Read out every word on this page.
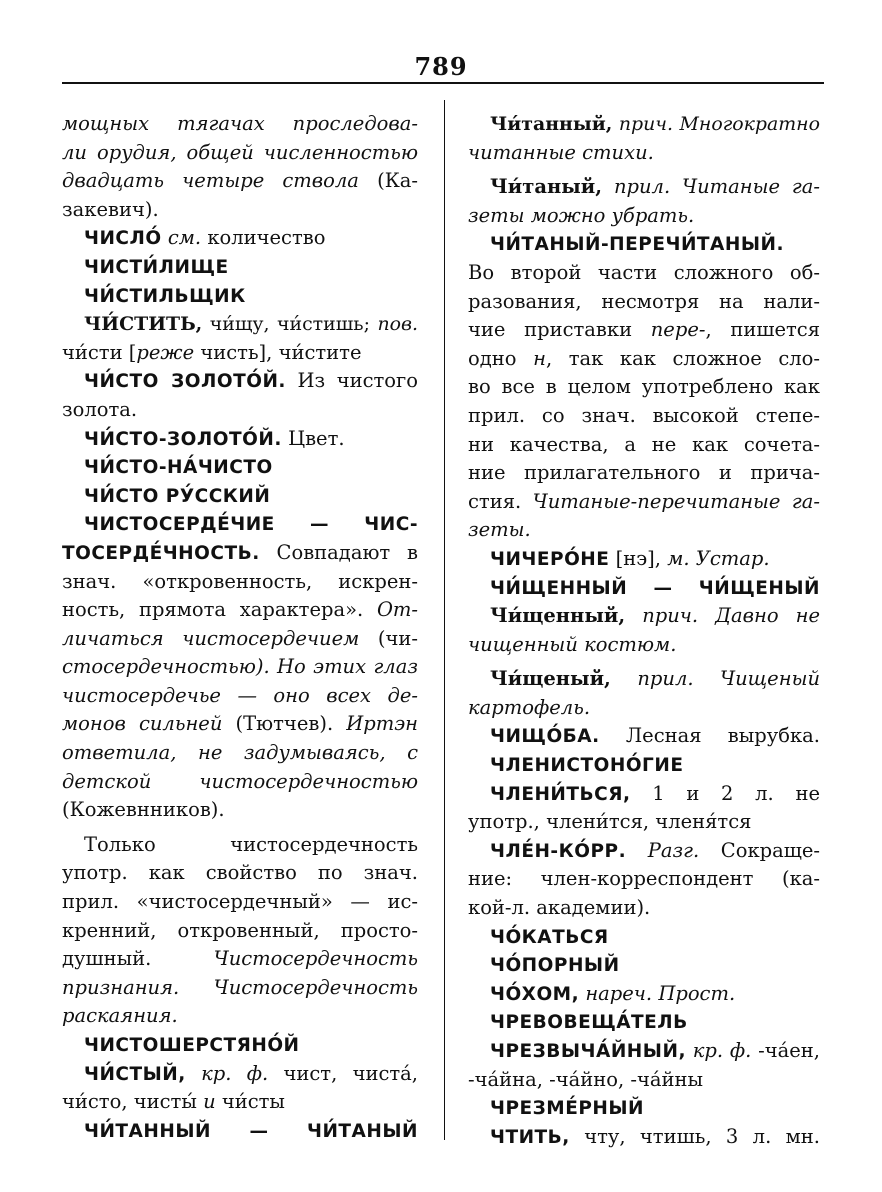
789
мощных тягачах проследова-
ли орудия, общей численностью
двадцать четыре ствола (Ка-
закевич).
ЧИСЛО́ см. количество
ЧИСТИ́ЛИЩЕ
ЧИ́СТИЛЬЩИК
ЧИ́СТИТЬ, чи́щу, чи́стишь; пов.
чи́сти [реже чисть], чи́стите
ЧИ́СТО ЗОЛОТО́Й. Из чистого
золота.
ЧИ́СТО-ЗОЛОТО́Й. Цвет.
ЧИ́СТО-НА́ЧИСТО
ЧИ́СТО РУ́ССКИЙ
ЧИСТОСЕРДЕ́ЧИЕ — ЧИС-
ТОСЕРДЕ́ЧНОСТЬ. Совпадают в
знач. «откровенность, искрен-
ность, прямота характера». От-
личаться чистосердечием (чи-
стосердечностью). Но этих глаз
чистосердечье — оно всех де-
монов сильней (Тютчев). Иртэн
ответила, не задумываясь, с
детской чистосердечностью
(Кожевнников).
Только чистосердечность
употр. как свойство по знач.
прил. «чистосердечный» — ис-
кренний, откровенный, просто-
душный.	Чистосердечность
признания. Чистосердечность
раскаяния.
ЧИСТОШЕРСТЯНО́Й
ЧИ́СТЫЙ, кр. ф. чист, чиста́,
чи́сто, чисты́ и чи́сты
ЧИ́ТАННЫЙ — ЧИ́ТАНЫЙ
Чи́танный, прич. Многократно
читанные стихи.
Чи́таный, прил. Читаные га-
зеты можно убрать.
ЧИ́ТАНЫЙ-ПЕРЕЧИ́ТАНЫЙ.
Во второй части сложного об-
разования, несмотря на нали-
чие приставки пере-, пишется
одно н, так как сложное сло-
во все в целом употреблено как
прил. со знач. высокой степе-
ни качества, а не как сочета-
ние прилагательного и прича-
стия. Читаные-перечитаные га-
зеты.
ЧИЧЕРО́НЕ [нэ], м. Устар.
ЧИ́ЩЕННЫЙ — ЧИ́ЩЕНЫЙ
Чи́щенный, прич. Давно не
чищенный костюм.
Чи́щеный, прил. Чищеный
картофель.
ЧИЩО́БА. Лесная вырубка.
ЧЛЕНИСТОНО́ГИЕ
ЧЛЕНИ́ТЬСЯ, 1 и 2 л. не
употр., члени́тся, членя́тся
ЧЛЕ́Н-КО́РР. Разг. Сокраще-
ние: член-корреспондент (ка-
кой-л. академии).
ЧО́КАТЬСЯ
ЧО́ПОРНЫЙ
ЧО́ХОМ, нареч. Прост.
ЧРЕВОВЕЩА́ТЕЛЬ
ЧРЕЗВЫЧА́ЙНЫЙ, кр. ф. -ча́ен,
-ча́йна, -ча́йно, -ча́йны
ЧРЕЗМЕ́РНЫЙ
ЧТИТЬ, чту, чтишь, 3 л. мн.
